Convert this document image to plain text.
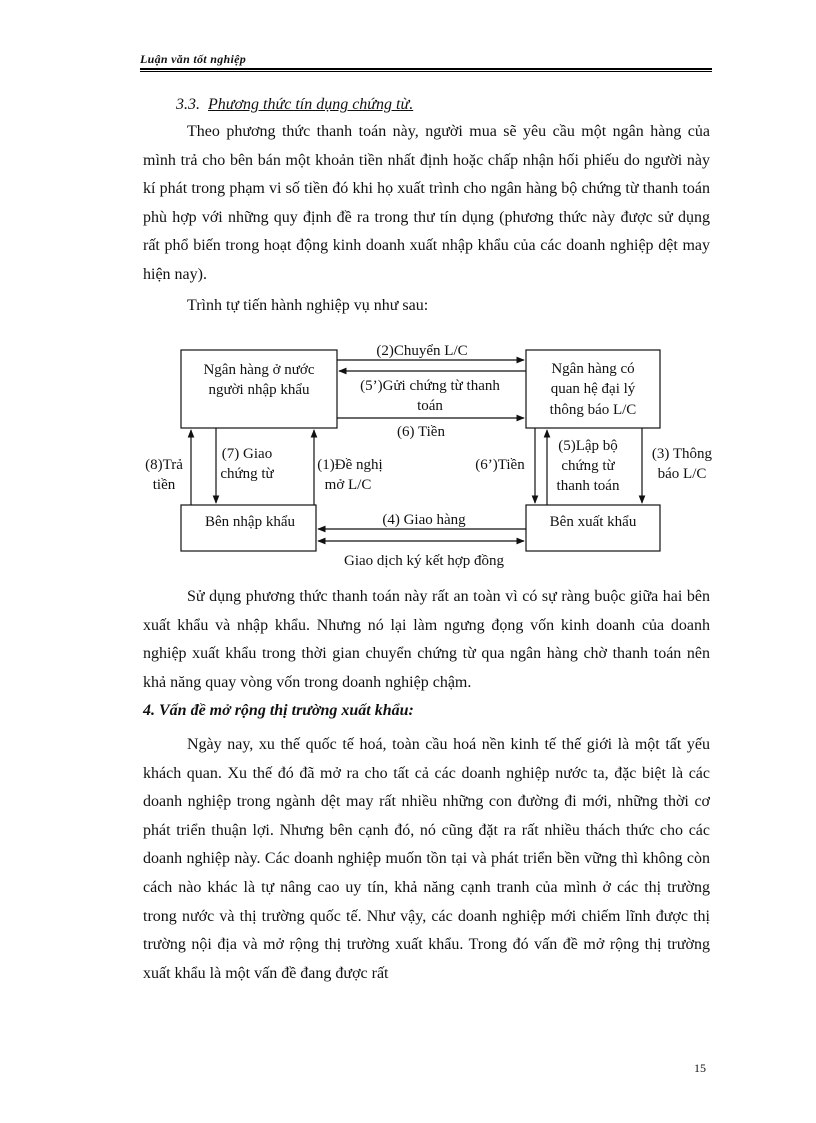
Luận văn tốt nghiệp
3.3. Phương thức tín dụng chứng từ.

Theo phương thức thanh toán này, người mua sẽ yêu cầu một ngân hàng của mình trả cho bên bán một khoản tiền nhất định hoặc chấp nhận hối phiếu do người này kí phát trong phạm vi số tiền đó khi họ xuất trình cho ngân hàng bộ chứng từ thanh toán phù hợp với những quy định đề ra trong thư tín dụng (phương thức này được sử dụng rất phổ biến trong hoạt động kinh doanh xuất nhập khẩu của các doanh nghiệp dệt may hiện nay).

Trình tự tiến hành nghiệp vụ như sau:

Ngân hàng ở nước
người nhập khẩu
Ngân hàng có
quan hệ đại lý
thông báo L/C
Bên nhập khẩu	Bên xuất khẩu
(2)Chuyển L/C
(5’)Gửi chứng từ thanh
toán
(6) Tiền
(8)Trả
tiền
(7) Giao
chứng từ
(1)Đề nghị
mở L/C
(6’)Tiền
(5)Lập bộ
chứng từ
thanh toán
(3) Thông
báo L/C
(4) Giao hàng
Giao dịch ký kết hợp đồng

Sử dụng phương thức thanh toán này rất an toàn vì có sự ràng buộc giữa hai bên xuất khẩu và nhập khẩu. Nhưng nó lại làm ngưng đọng vốn kinh doanh của doanh nghiệp xuất khẩu trong thời gian chuyển chứng từ qua ngân hàng chờ thanh toán nên khả năng quay vòng vốn trong doanh nghiệp chậm.

4. Vấn đề mở rộng thị trường xuất khẩu:

Ngày nay, xu thế quốc tế hoá, toàn cầu hoá nền kinh tế thế giới là một tất yếu khách quan. Xu thế đó đã mở ra cho tất cả các doanh nghiệp nước ta, đặc biệt là các doanh nghiệp trong ngành dệt may rất nhiều những con đường đi mới, những thời cơ phát triển thuận lợi. Nhưng bên cạnh đó, nó cũng đặt ra rất nhiều thách thức cho các doanh nghiệp này. Các doanh nghiệp muốn tồn tại và phát triển bền vững thì không còn cách nào khác là tự nâng cao uy tín, khả năng cạnh tranh của mình ở các thị trường trong nước và thị trường quốc tế. Như vậy, các doanh nghiệp mới chiếm lĩnh được thị trường nội địa và mở rộng thị trường xuất khẩu. Trong đó vấn đề mở rộng thị trường xuất khẩu là một vấn đề đang được rất

15
